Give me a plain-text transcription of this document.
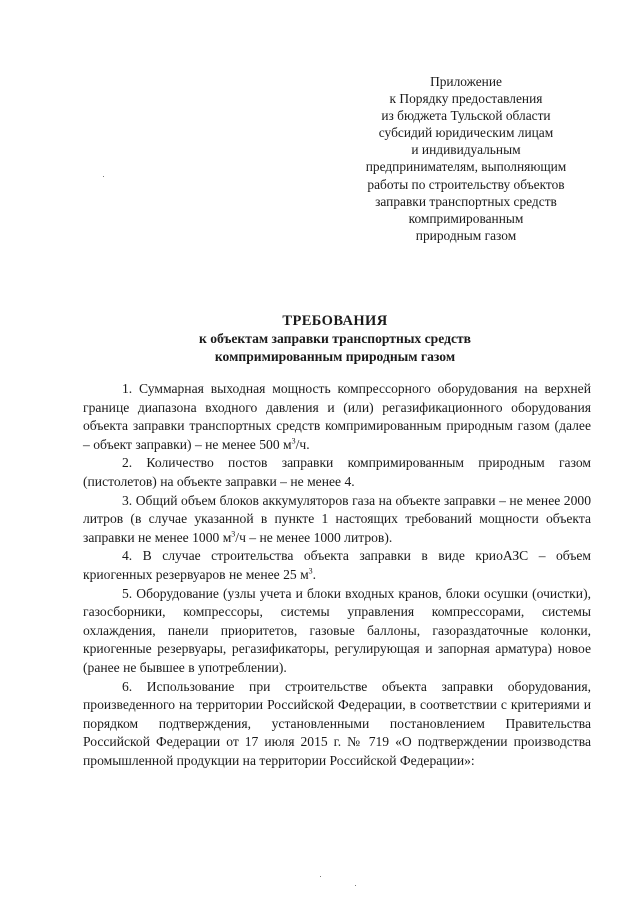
Приложение
к Порядку предоставления
из бюджета Тульской области
субсидий юридическим лицам
и индивидуальным
предпринимателям, выполняющим
работы по строительству объектов
заправки транспортных средств
компримированным
природным газом
ТРЕБОВАНИЯ
к объектам заправки транспортных средств
компримированным природным газом

1. Суммарная выходная мощность компрессорного оборудования на верхней границе диапазона входного давления и (или) регазификационного оборудования объекта заправки транспортных средств компримированным природным газом (далее – объект заправки) – не менее 500 $м^3/ч$.

2. Количество постов заправки компримированным природным газом (пистолетов) на объекте заправки – не менее 4.

3. Общий объем блоков аккумуляторов газа на объекте заправки – не менее 2000 литров (в случае указанной в пункте 1 настоящих требований мощности объекта заправки не менее 1000 $м^3/ч$ – не менее 1000 литров).

4. В случае строительства объекта заправки в виде криоАЗС – объем криогенных резервуаров не менее 25 $м^3$.

5. Оборудование (узлы учета и блоки входных кранов, блоки осушки (очистки), газосборники, компрессоры, системы управления компрессорами, системы охлаждения, панели приоритетов, газовые баллоны, газораздаточные колонки, криогенные резервуары, регазификаторы, регулирующая и запорная арматура) новое (ранее не бывшее в употреблении).

6. Использование при строительстве объекта заправки оборудования, произведенного на территории Российской Федерации, в соответствии с критериями и порядком подтверждения, установленными постановлением Правительства Российской Федерации от 17 июля 2015 г. № 719 «О подтверждении производства промышленной продукции на территории Российской Федерации»:
